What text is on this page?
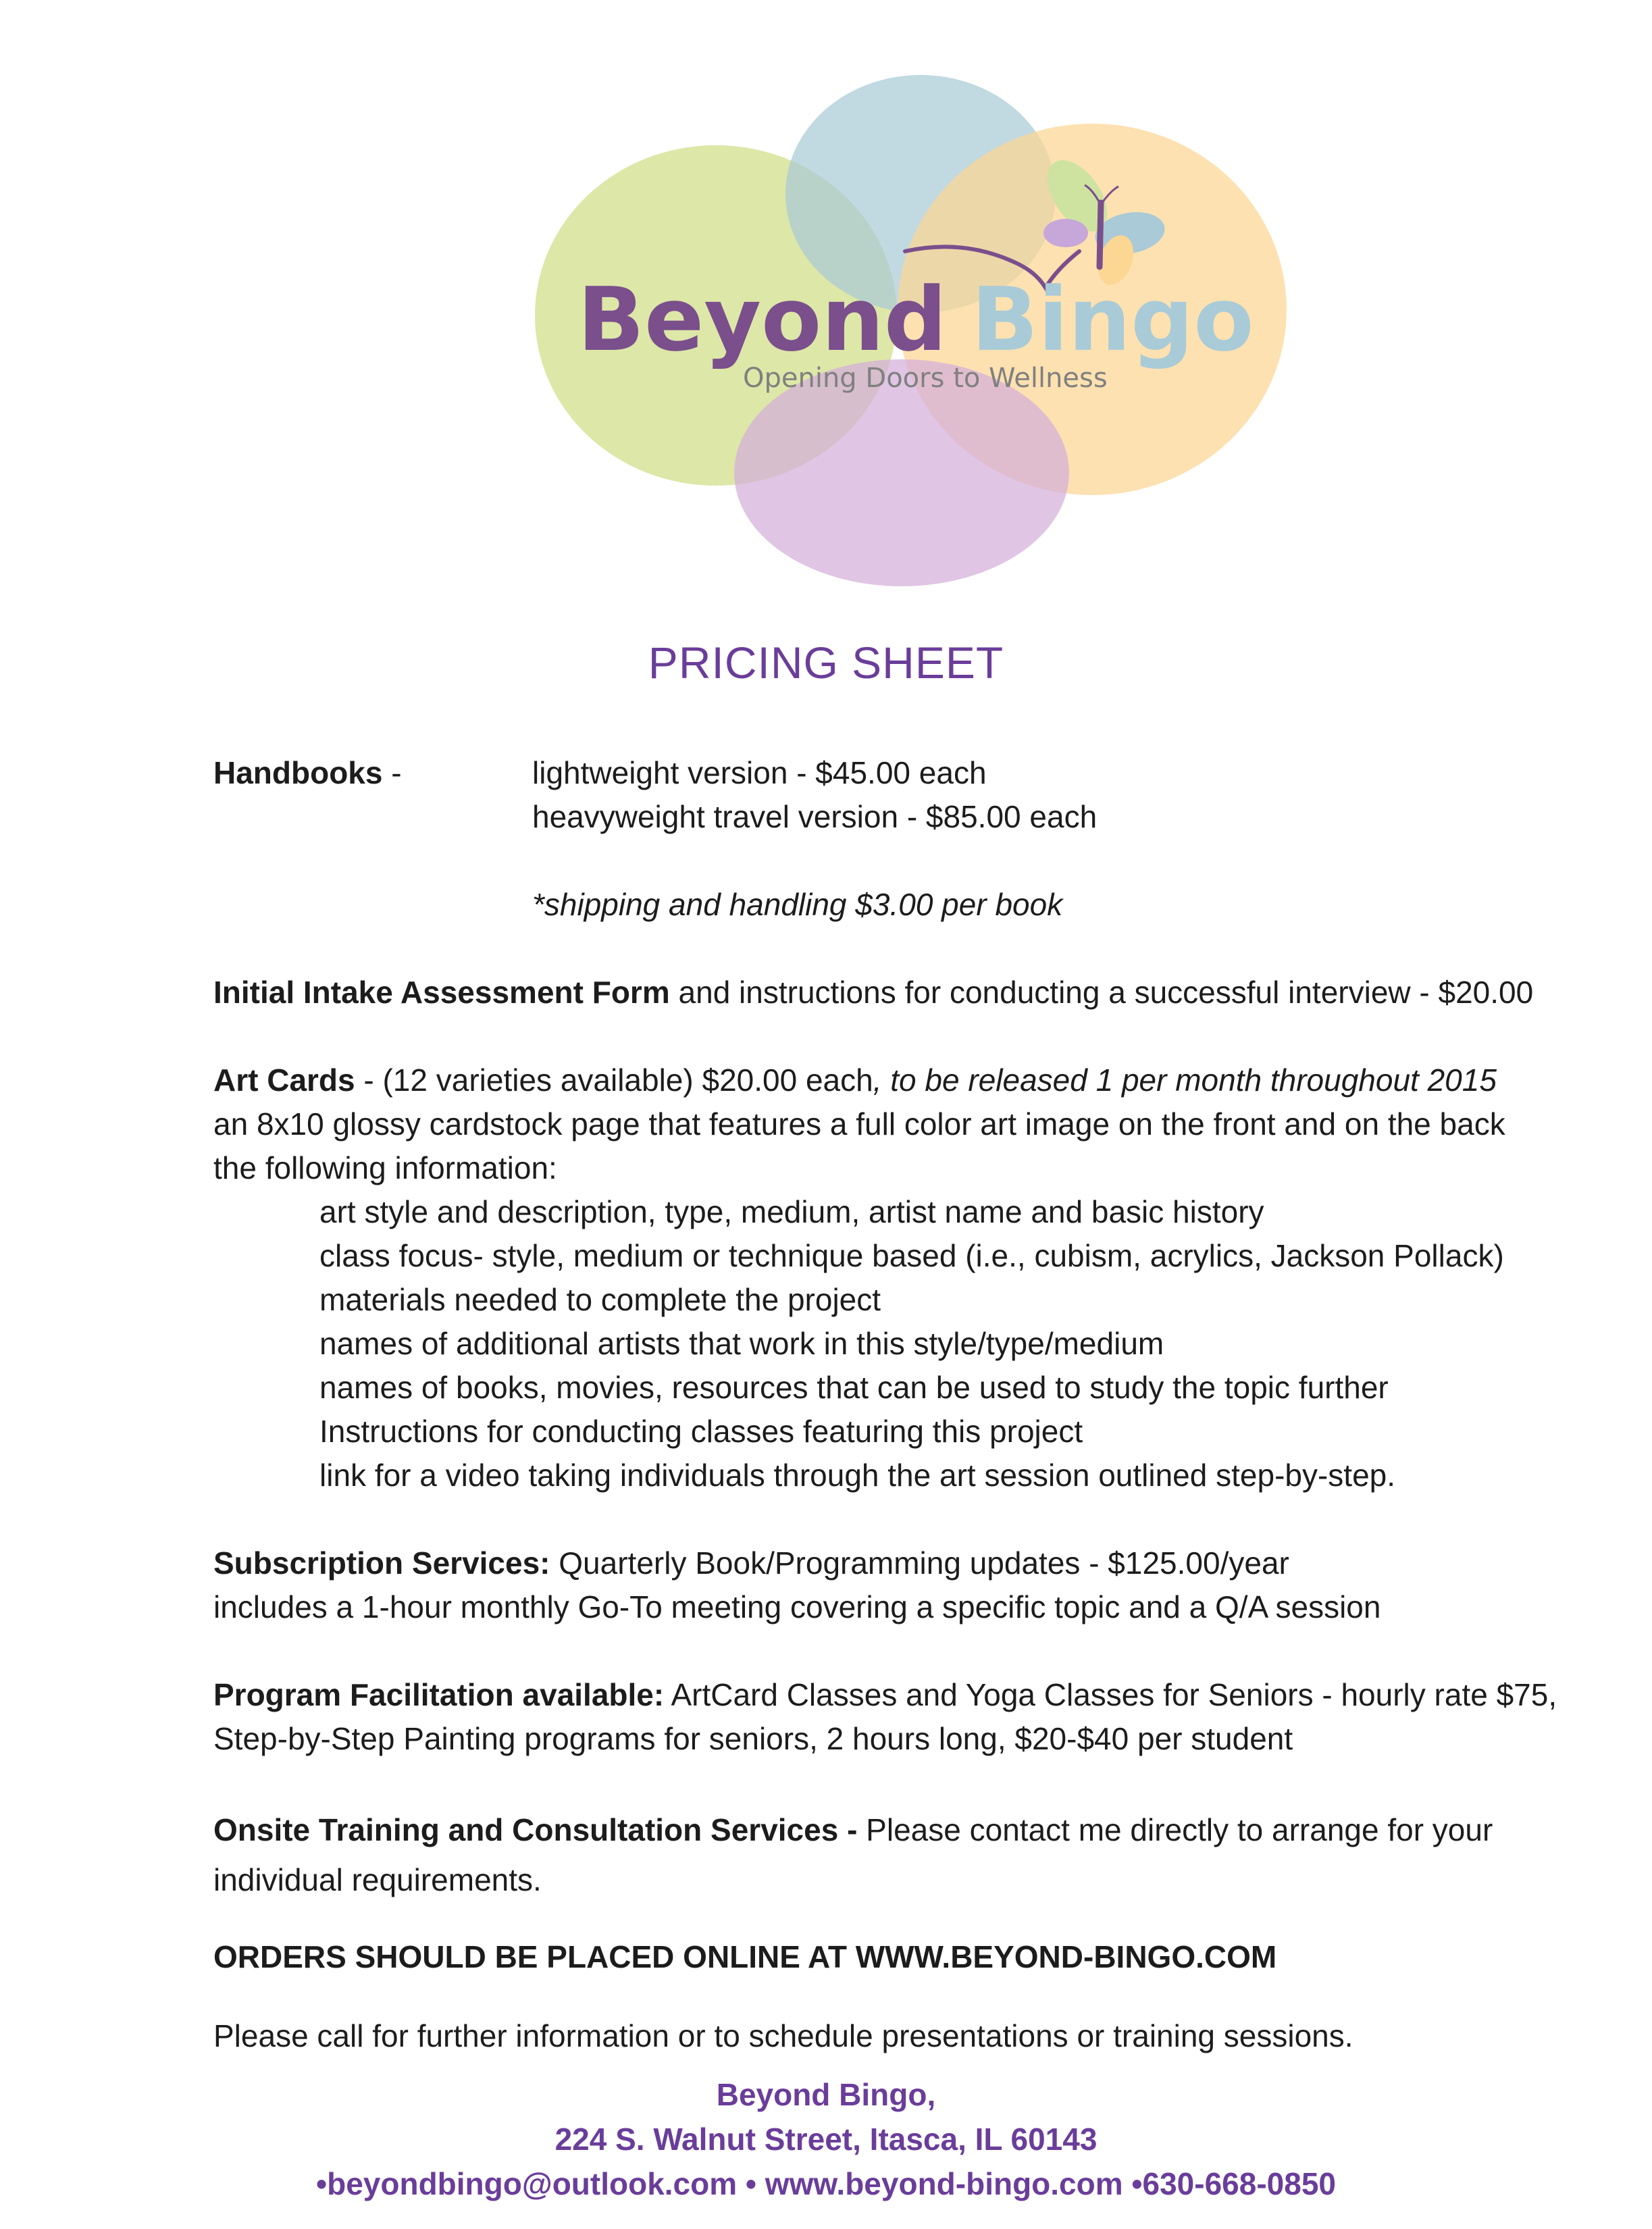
Beyond Bingo
Opening Doors to Wellness
PRICING SHEET
Handbooks -	lightweight version - $45.00 each
heavyweight travel version - $85.00 each
*shipping and handling $3.00 per book
Initial Intake Assessment Form and instructions for conducting a successful interview - $20.00
Art Cards - (12 varieties available) $20.00 each, to be released 1 per month throughout 2015
an 8x10 glossy cardstock page that features a full color art image on the front and on the back
the following information:
art style and description, type, medium, artist name and basic history
class focus- style, medium or technique based (i.e., cubism, acrylics, Jackson Pollack)
materials needed to complete the project
names of additional artists that work in this style/type/medium
names of books, movies, resources that can be used to study the topic further
Instructions for conducting classes featuring this project
link for a video taking individuals through the art session outlined step-by-step.
Subscription Services: Quarterly Book/Programming updates - $125.00/year
includes a 1-hour monthly Go-To meeting covering a specific topic and a Q/A session
Program Facilitation available: ArtCard Classes and Yoga Classes for Seniors - hourly rate $75,
Step-by-Step Painting programs for seniors, 2 hours long, $20-$40 per student
Onsite Training and Consultation Services - Please contact me directly to arrange for your
individual requirements.
ORDERS SHOULD BE PLACED ONLINE AT WWW.BEYOND-BINGO.COM
Please call for further information or to schedule presentations or training sessions.
Beyond Bingo,
224 S. Walnut Street, Itasca, IL 60143
•beyondbingo@outlook.com • www.beyond-bingo.com •630-668-0850
